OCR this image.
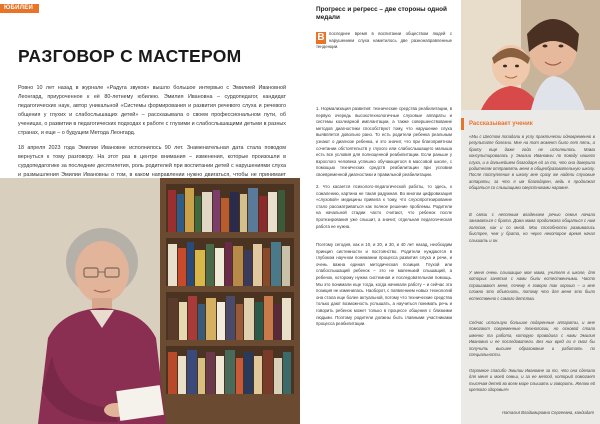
ЮБИЛЕИ
РАЗГОВОР С МАСТЕРОМ

Ровно 10 лет назад в журнале «Радуга звуков» вышло большое интервью с Эмилией Ивановной Леонгард, приуроченное к её 80-летнему юбилею. Эмилия Ивановна – сурдопедагог, кандидат педагогических наук, автор уникальной «Системы формирования и развития речевого слуха и речевого общения у глухих и слабослышащих детей» – рассказывала о своем профессиональном пути, об ученицах, о развитии в педагогических подходах к работе с глухими и слабослышащими детьми в разных странах, и еще – о будущем Метода Леонгард.

18 апреля 2023 года Эмилии Ивановне исполнилось 90 лет. Знаменательная дата стала поводом вернуться к тому разговору. На этот раз в центре внимания – изменения, которые произошли в сурдопедагогике за последние десятилетия, роль родителей при воспитании детей с нарушениями слуха и размышления Эмилии Ивановны о том, в каком направлении нужно двигаться, чтобы не принимает

Прогресс и регресс – две стороны одной медали

В	последнее время в воспитании обществом людей с нарушением слуха наметилось две разнонаправленные тенденции.

1. Нормализация развития: технические средства реабилитации, в первую очередь высокотехнологичные слуховые аппараты и системы кохлеарной имплантации, а также совершенствование методов диагностики способствуют тому, что нарушение слуха выявляется довольно рано. То есть родители ребенка реальным узнают о диагнозе ребенка, и это значит, что при благоприятном сочетании обстоятельств у глухого или слабослышащего малыша есть все условия для полноценной реабилитации. Если раньше у взрослого человека успешно обучающегося в массовой школе, с помощью технических средств реабилитации при условии своевременной диагностики и правильной реабилитации.

2. Что касается психолого-педагогической работы, то здесь, к сожалению, картина не такая радужная. Во многом цифровизация «слуховой» медицины привела к тому, что слухопротезирование стало рассматриваться как полное решение проблемы. Родители на начальной стадии часто считают, что ребенок после протезирования уже слышит, а значит, отдельная педагогическая работа не нужна.

Поэтому сегодня, как и 10, и 20, и 30, и 40 лет назад, необходим принцип системности и постоянство. Родители нуждаются в глубоком научном понимании процесса развития слуха и речи, и очень важна единая методическая позиция. Глухой или слабослышащий ребенок – это не маленький слышащий, а ребенок, которому нужна системная и последовательная помощь. Мы это понимали еще тогда, когда начинали работу – и сейчас эта позиция не изменилась. Наоборот, с появлением новых технологий она стала еще более актуальной, потому что технические средства только дают возможность услышать, а научиться понимать речь и говорить ребенок может только в процессе общения с близкими людьми. Поэтому родители должны быть главными участниками процесса реабилитации.

Рассказывает ученик

«Мы с Шестом попадали в услу практически одновременно в результате болезни. Мне на тот момент было лет пять, а брату еще даже года не исполнилось. Мама консультировалась у Эмилии Ивановны по поводу нашего слуха, и в дальнейшем благодаря ей за то, что она доверила родителям отправлять меня в общеобразовательную школу. После поступления в школу мне сразу же надели слуховые аппараты, за что я им благодарен, ведь я продолжал общаться со слышащими сверстниками наравне.

В связи с неполным владением речью семья начала заниматься с брата. Дома мама продолжала общаться с ним голосом, как и со мной. Мои способности развивались быстрее, чем у брата, но через некоторое время начал слышать и он.

У меня очень слышащие моя мама, учителя в школе, для которых занятия с нами были естественными. Часто спрашивают меня, почему я говорю так хорошо – и мне сложно это объяснить, потому что для меня это было естественно с самого детства.

Сейчас использую большие подаренные аппараты, и мне помогают современные технологии, но основой стала именно та работа, которую проводила с нами Эмилия Ивановна и ее последователи. Без них вряд ли я смог бы получить высшее образование и работать по специальности.

Огромное спасибо Эмилии Ивановне за то, что она сделала для меня и моей семьи, и за ее метод, который помогает тысячам детей во всем мире слышать и говорить. Желаю ей крепкого здоровья!»

Наталья Владимировна Сергеевна, кандидат
